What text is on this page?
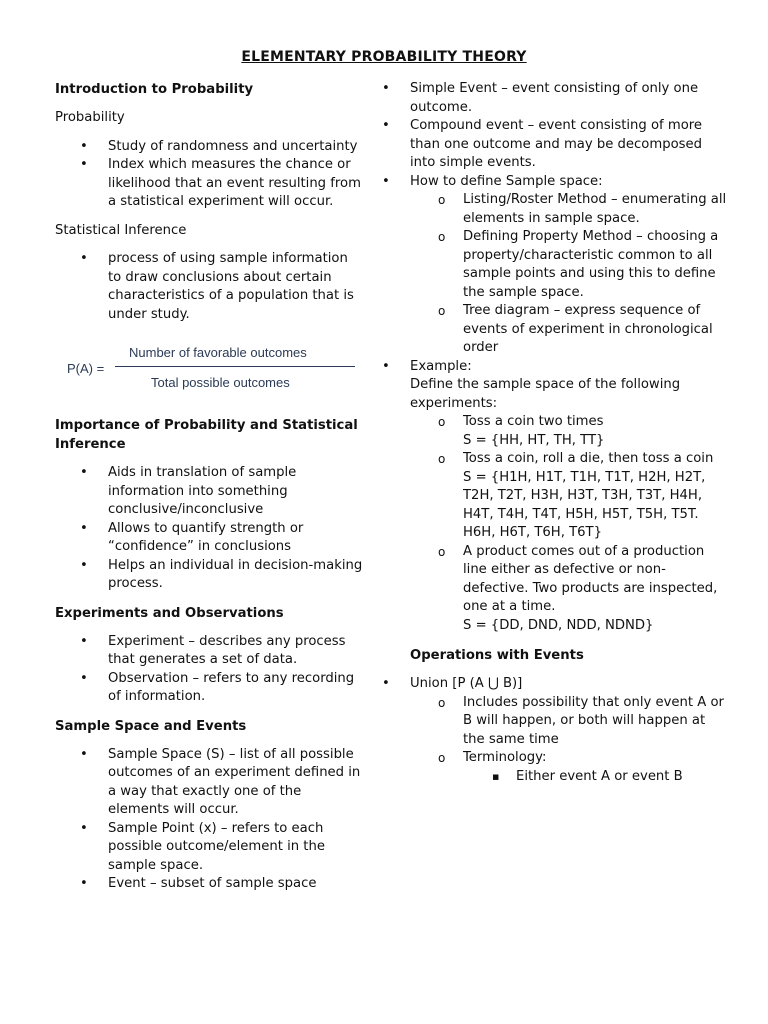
ELEMENTARY PROBABILITY THEORY
Introduction to Probability

Probability

• Study of randomness and uncertainty
• Index which measures the chance or likelihood that an event resulting from a statistical experiment will occur.

Statistical Inference

• process of using sample information to draw conclusions about certain characteristics of a population that is under study.
P(A) =
Number of favorable outcomes
Total possible outcomes
Importance of Probability and Statistical Inference
• Aids in translation of sample information into something conclusive/inconclusive
• Allows to quantify strength or “confidence” in conclusions
• Helps an individual in decision-making process.
Experiments and Observations
• Experiment – describes any process that generates a set of data.
• Observation – refers to any recording of information.
Sample Space and Events
• Sample Space (S) – list of all possible outcomes of an experiment defined in a way that exactly one of the elements will occur.
• Sample Point (x) – refers to each possible outcome/element in the sample space.
• Event – subset of sample space
• Simple Event – event consisting of only one outcome.
• Compound event – event consisting of more than one outcome and may be decomposed into simple events.
• How to define Sample space:
o Listing/Roster Method – enumerating all elements in sample space.
o Defining Property Method – choosing a property/characteristic common to all sample points and using this to define the sample space.
o Tree diagram – express sequence of events of experiment in chronological order
• Example:
Define the sample space of the following experiments:
o Toss a coin two times
S = {HH, HT, TH, TT}
o Toss a coin, roll a die, then toss a coin
S = {H1H, H1T, T1H, T1T, H2H, H2T, T2H, T2T, H3H, H3T, T3H, T3T, H4H, H4T, T4H, T4T, H5H, H5T, T5H, T5T. H6H, H6T, T6H, T6T}
o A product comes out of a production line either as defective or non-defective. Two products are inspected, one at a time.
S = {DD, DND, NDD, NDND}
Operations with Events
• Union [P (A ⋃ B)]
o Includes possibility that only event A or B will happen, or both will happen at the same time
o Terminology:
▪ Either event A or event B
